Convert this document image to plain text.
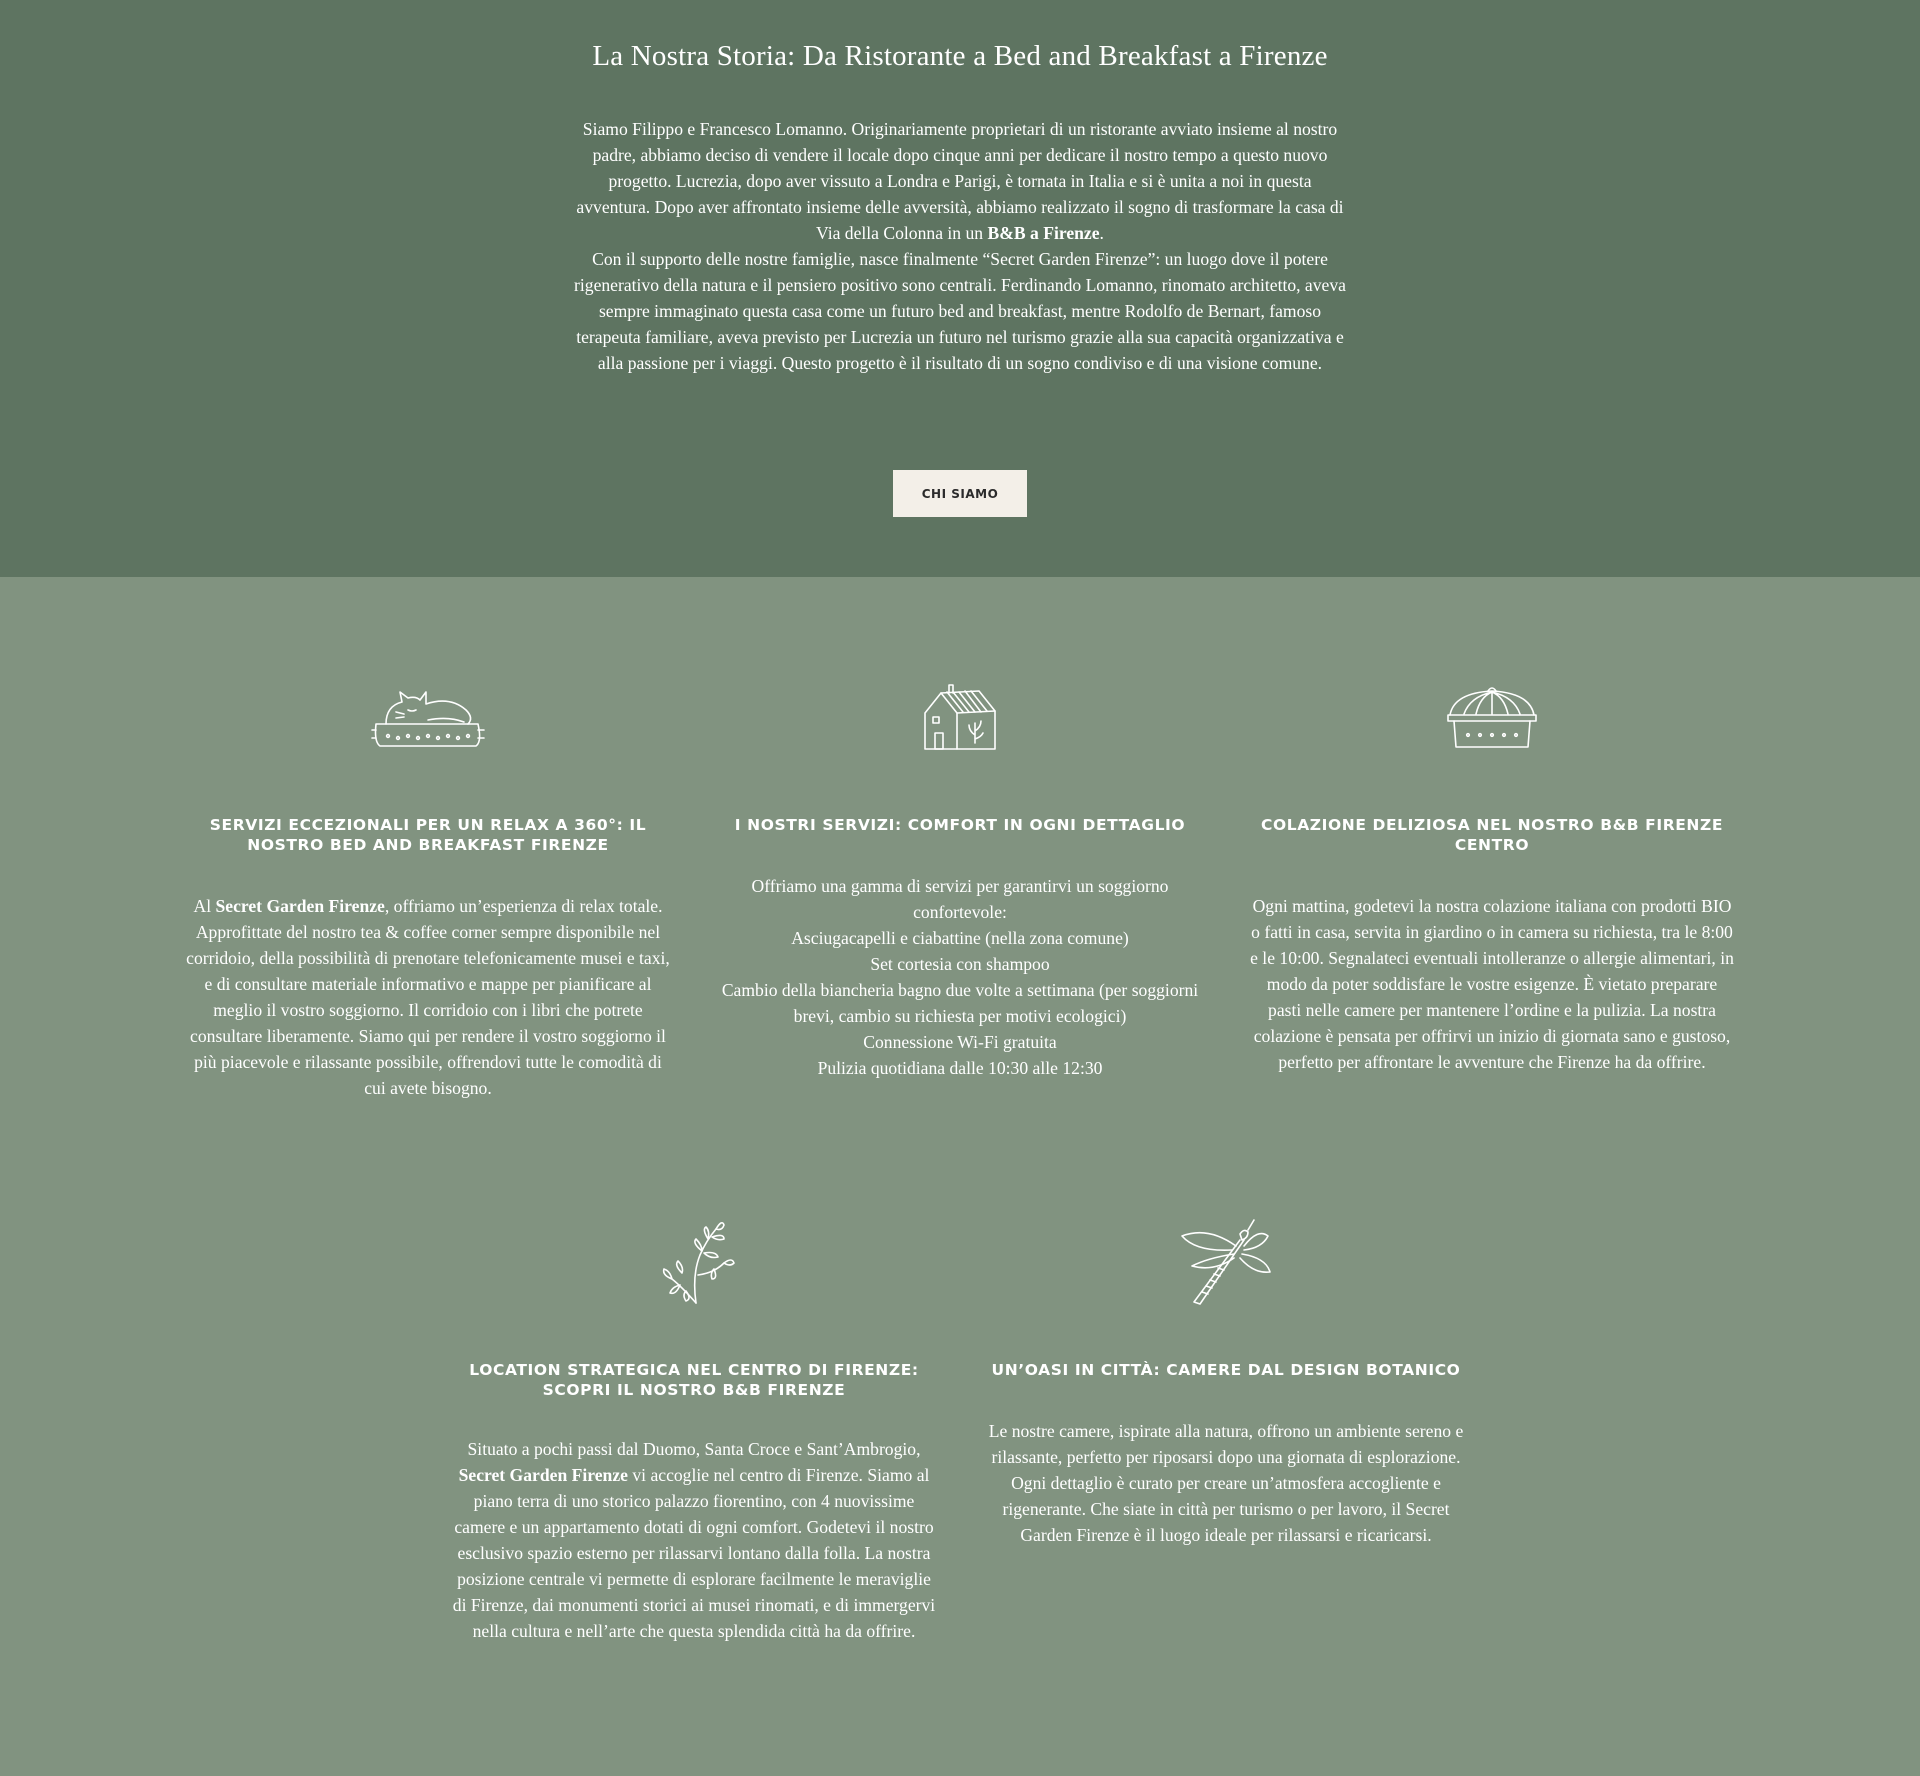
La Nostra Storia: Da Ristorante a Bed and Breakfast a Firenze

Siamo Filippo e Francesco Lomanno. Originariamente proprietari di un ristorante avviato insieme al nostro padre, abbiamo deciso di vendere il locale dopo cinque anni per dedicare il nostro tempo a questo nuovo progetto. Lucrezia, dopo aver vissuto a Londra e Parigi, è tornata in Italia e si è unita a noi in questa avventura. Dopo aver affrontato insieme delle avversità, abbiamo realizzato il sogno di trasformare la casa di Via della Colonna in un B&B a Firenze.

Con il supporto delle nostre famiglie, nasce finalmente “Secret Garden Firenze”: un luogo dove il potere rigenerativo della natura e il pensiero positivo sono centrali. Ferdinando Lomanno, rinomato architetto, aveva sempre immaginato questa casa come un futuro bed and breakfast, mentre Rodolfo de Bernart, famoso terapeuta familiare, aveva previsto per Lucrezia un futuro nel turismo grazie alla sua capacità organizzativa e alla passione per i viaggi. Questo progetto è il risultato di un sogno condiviso e di una visione comune.

CHI SIAMO
SERVIZI ECCEZIONALI PER UN RELAX A 360°: IL NOSTRO BED AND BREAKFAST FIRENZE
Al Secret Garden Firenze, offriamo un’esperienza di relax totale. Approfittate del nostro tea & coffee corner sempre disponibile nel corridoio, della possibilità di prenotare telefonicamente musei e taxi, e di consultare materiale informativo e mappe per pianificare al meglio il vostro soggiorno. Il corridoio con i libri che potrete consultare liberamente. Siamo qui per rendere il vostro soggiorno il più piacevole e rilassante possibile, offrendovi tutte le comodità di cui avete bisogno.
I NOSTRI SERVIZI: COMFORT IN OGNI DETTAGLIO
Offriamo una gamma di servizi per garantirvi un soggiorno confortevole:
Asciugacapelli e ciabattine (nella zona comune)
Set cortesia con shampoo
Cambio della biancheria bagno due volte a settimana (per soggiorni brevi, cambio su richiesta per motivi ecologici)
Connessione Wi-Fi gratuita
Pulizia quotidiana dalle 10:30 alle 12:30
COLAZIONE DELIZIOSA NEL NOSTRO B&B FIRENZE CENTRO
Ogni mattina, godetevi la nostra colazione italiana con prodotti BIO o fatti in casa, servita in giardino o in camera su richiesta, tra le 8:00 e le 10:00. Segnalateci eventuali intolleranze o allergie alimentari, in modo da poter soddisfare le vostre esigenze. È vietato preparare pasti nelle camere per mantenere l’ordine e la pulizia. La nostra colazione è pensata per offrirvi un inizio di giornata sano e gustoso, perfetto per affrontare le avventure che Firenze ha da offrire.
LOCATION STRATEGICA NEL CENTRO DI FIRENZE: SCOPRI IL NOSTRO B&B FIRENZE
Situato a pochi passi dal Duomo, Santa Croce e Sant’Ambrogio, Secret Garden Firenze vi accoglie nel centro di Firenze. Siamo al piano terra di uno storico palazzo fiorentino, con 4 nuovissime camere e un appartamento dotati di ogni comfort. Godetevi il nostro esclusivo spazio esterno per rilassarvi lontano dalla folla. La nostra posizione centrale vi permette di esplorare facilmente le meraviglie di Firenze, dai monumenti storici ai musei rinomati, e di immergervi nella cultura e nell’arte che questa splendida città ha da offrire.
UN’OASI IN CITTÀ: CAMERE DAL DESIGN BOTANICO
Le nostre camere, ispirate alla natura, offrono un ambiente sereno e rilassante, perfetto per riposarsi dopo una giornata di esplorazione. Ogni dettaglio è curato per creare un’atmosfera accogliente e rigenerante. Che siate in città per turismo o per lavoro, il Secret Garden Firenze è il luogo ideale per rilassarsi e ricaricarsi.
